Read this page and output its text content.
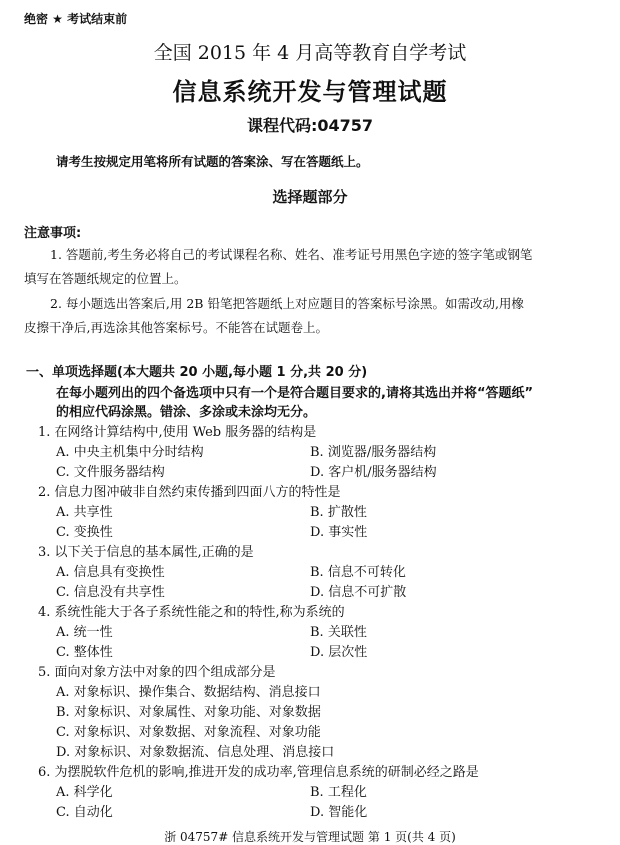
绝密 ★ 考试结束前
全国 2015 年 4 月高等教育自学考试
信息系统开发与管理试题
课程代码:04757
请考生按规定用笔将所有试题的答案涂、写在答题纸上。
选择题部分
注意事项:
1. 答题前,考生务必将自己的考试课程名称、姓名、准考证号用黑色字迹的签字笔或钢笔
填写在答题纸规定的位置上。
2. 每小题选出答案后,用 2B 铅笔把答题纸上对应题目的答案标号涂黑。如需改动,用橡
皮擦干净后,再选涂其他答案标号。不能答在试题卷上。
一、单项选择题(本大题共 20 小题,每小题 1 分,共 20 分)
在每小题列出的四个备选项中只有一个是符合题目要求的,请将其选出并将“答题纸”
的相应代码涂黑。错涂、多涂或未涂均无分。
1. 在网络计算结构中,使用 Web 服务器的结构是
A. 中央主机集中分时结构	B. 浏览器/服务器结构
C. 文件服务器结构	D. 客户机/服务器结构
2. 信息力图冲破非自然约束传播到四面八方的特性是
A. 共享性	B. 扩散性
C. 变换性	D. 事实性
3. 以下关于信息的基本属性,正确的是
A. 信息具有变换性	B. 信息不可转化
C. 信息没有共享性	D. 信息不可扩散
4. 系统性能大于各子系统性能之和的特性,称为系统的
A. 统一性	B. 关联性
C. 整体性	D. 层次性
5. 面向对象方法中对象的四个组成部分是
A. 对象标识、操作集合、数据结构、消息接口
B. 对象标识、对象属性、对象功能、对象数据
C. 对象标识、对象数据、对象流程、对象功能
D. 对象标识、对象数据流、信息处理、消息接口
6. 为摆脱软件危机的影响,推进开发的成功率,管理信息系统的研制必经之路是
A. 科学化	B. 工程化
C. 自动化	D. 智能化
浙 04757# 信息系统开发与管理试题 第 1 页(共 4 页)
